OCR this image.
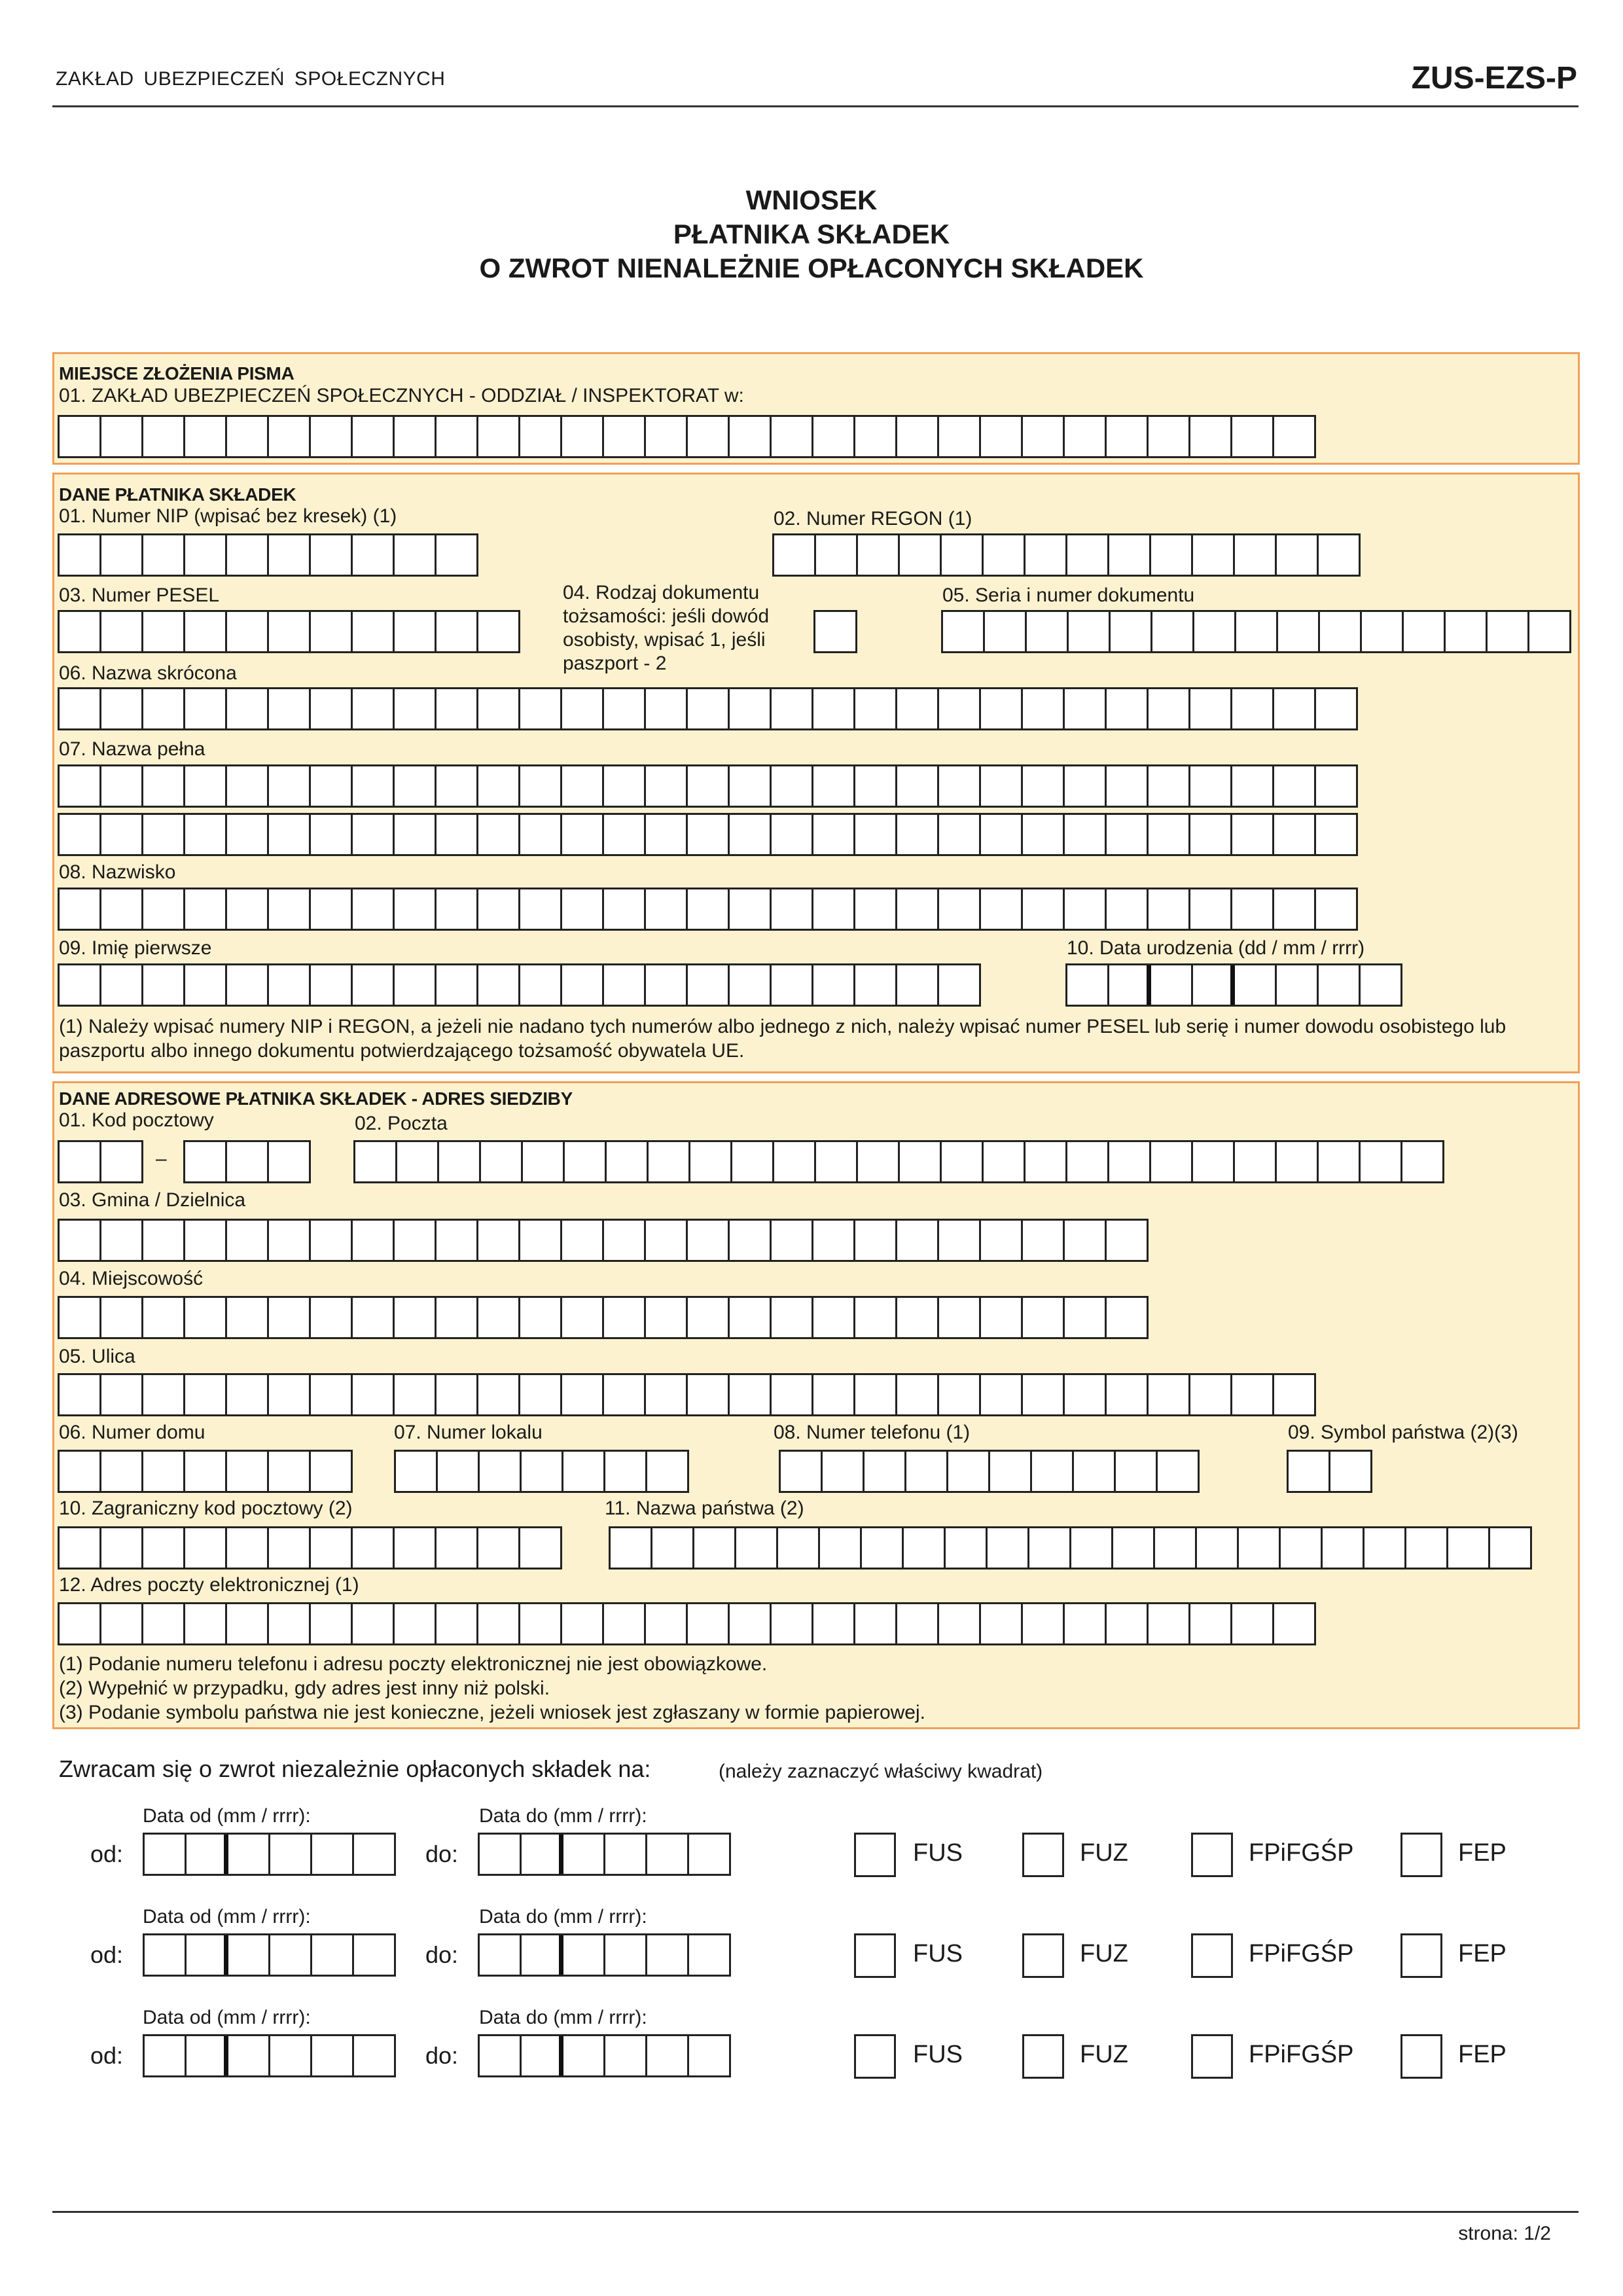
ZAKŁAD UBEZPIECZEŃ SPOŁECZNYCH	ZUS-EZS-P
WNIOSEK
PŁATNIKA SKŁADEK
O ZWROT NIENALEŻNIE OPŁACONYCH SKŁADEK
MIEJSCE ZŁOŻENIA PISMA
01. ZAKŁAD UBEZPIECZEŃ SPOŁECZNYCH - ODDZIAŁ / INSPEKTORAT w:
DANE PŁATNIKA SKŁADEK
01. Numer NIP (wpisać bez kresek) (1)	02. Numer REGON (1)
03. Numer PESEL	04. Rodzaj dokumentu tożsamości: jeśli dowód osobisty, wpisać 1, jeśli paszport - 2
05. Seria i numer dokumentu
06. Nazwa skrócona
07. Nazwa pełna
08. Nazwisko
09. Imię pierwsze	10. Data urodzenia (dd / mm / rrrr)
(1) Należy wpisać numery NIP i REGON, a jeżeli nie nadano tych numerów albo jednego z nich, należy wpisać numer PESEL lub serię i numer dowodu osobistego lub paszportu albo innego dokumentu potwierdzającego tożsamość obywatela UE.
DANE ADRESOWE PŁATNIKA SKŁADEK - ADRES SIEDZIBY
01. Kod pocztowy
–
02. Poczta
03. Gmina / Dzielnica
04. Miejscowość
05. Ulica
06. Numer domu	07. Numer lokalu	08. Numer telefonu (1)	09. Symbol państwa (2)(3)
10. Zagraniczny kod pocztowy (2)	11. Nazwa państwa (2)
12. Adres poczty elektronicznej (1)
(1) Podanie numeru telefonu i adresu poczty elektronicznej nie jest obowiązkowe.
(2) Wypełnić w przypadku, gdy adres jest inny niż polski.
(3) Podanie symbolu państwa nie jest konieczne, jeżeli wniosek jest zgłaszany w formie papierowej.
Zwracam się o zwrot niezależnie opłaconych składek na:	(należy zaznaczyć właściwy kwadrat)
Data od (mm / rrrr):	Data do (mm / rrrr):
od:	do:	FUS	FUZ	FPiFGŚP	FEP
Data od (mm / rrrr):	Data do (mm / rrrr):
od:	do:	FUS	FUZ	FPiFGŚP	FEP
Data od (mm / rrrr):	Data do (mm / rrrr):
od:	do:	FUS	FUZ	FPiFGŚP	FEP
strona: 1/2
